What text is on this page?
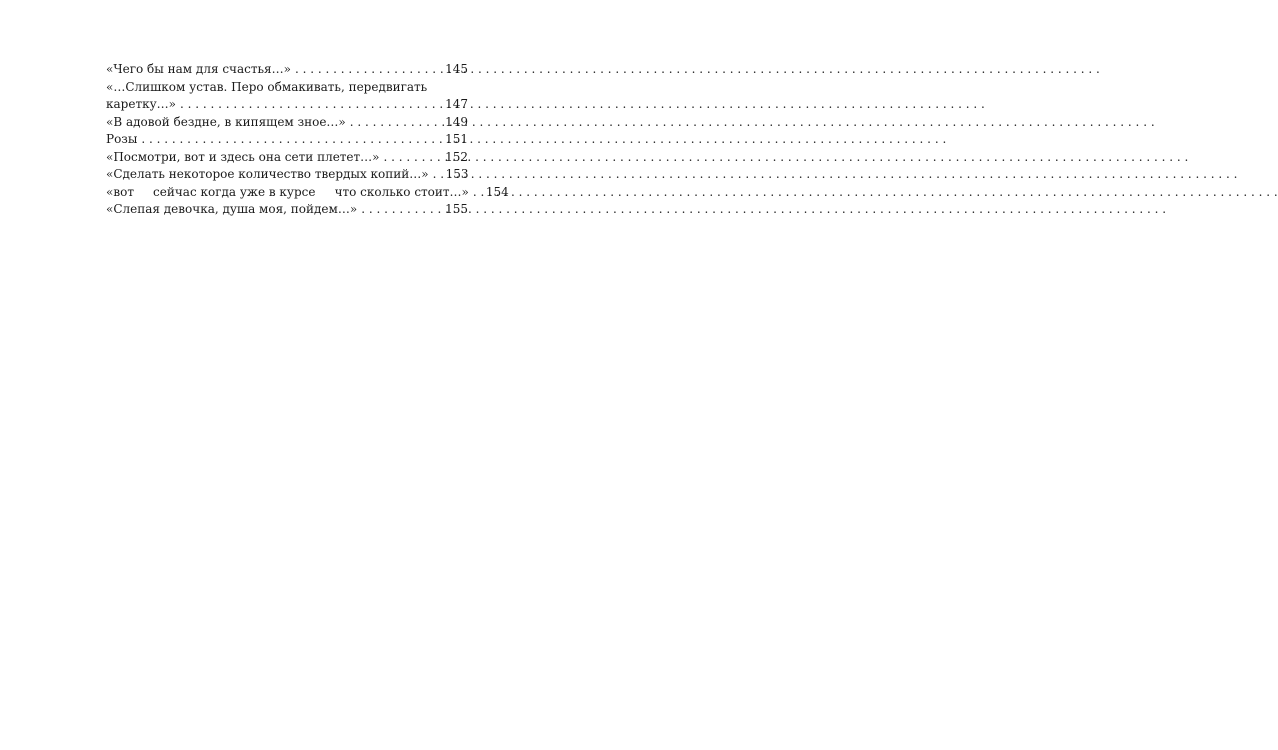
«Чего бы нам для счастья…» . . .	145
«…Слишком устав. Перо обмакивать, передвигать
каретку…» . . .	147
«В адовой бездне, в кипящем зное…» . . .	149
Розы . . .	151
«Посмотри, вот и здесь она сети плетет…» . . .	152
«Сделать некоторое количество твердых копий…» . . . 153
«вот     сейчас когда уже в курсе     что сколько стоит…» . . . 154
«Слепая девочка, душа моя, пойдем…» . . .	155
